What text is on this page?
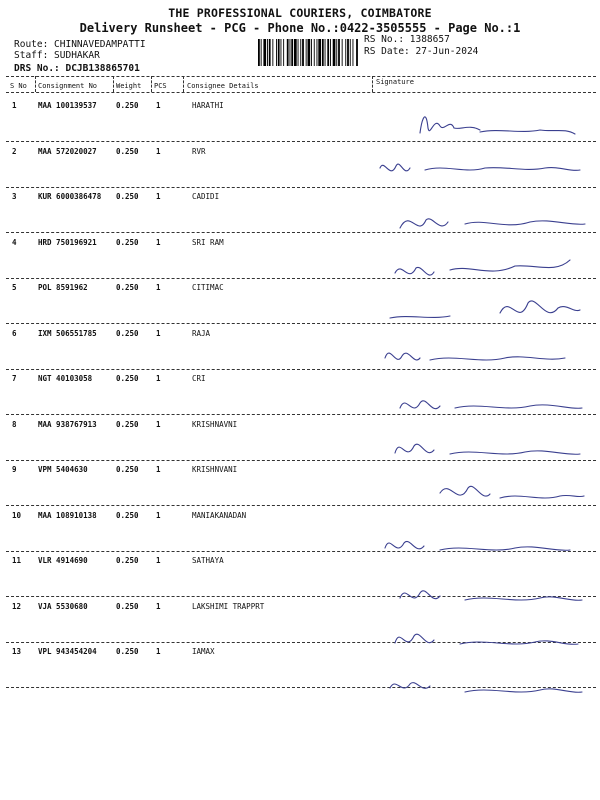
THE PROFESSIONAL COURIERS, COIMBATORE
Delivery Runsheet - PCG - Phone No.:0422-3505555 - Page No.:1
Route: CHINNAVEDAMPATTI
Staff: SUDHAKAR
DRS No.: DCJB138865701
RS No.: 1388657
RS Date: 27-Jun-2024
S No Consignment No	Weight PCS	Consignee Details	Signature
1	MAA 100139537	0.250 1	HARATHI
2	MAA 572020027	0.250 1	RVR
3	KUR 6000386478 0.250 1	CADIDI
4	HRD 750196921	0.250 1	SRI RAM
5	POL 8591962	0.250 1	CITIMAC
6	IXM 506551785	0.250 1	RAJA
7	NGT 40103058	0.250 1	CRI
8	MAA 938767913	0.250 1	KRISHNAVNI
9	VPM 5404630	0.250 1	KRISHNVANI
10 MAA 108910138	0.250 1	MANIAKANADAN
11 VLR 4914690	0.250 1	SATHAYA
12 VJA 5530680	0.250 1	LAKSHIMI TRAPPRT
13 VPL 943454204	0.250 1	IAMAX
